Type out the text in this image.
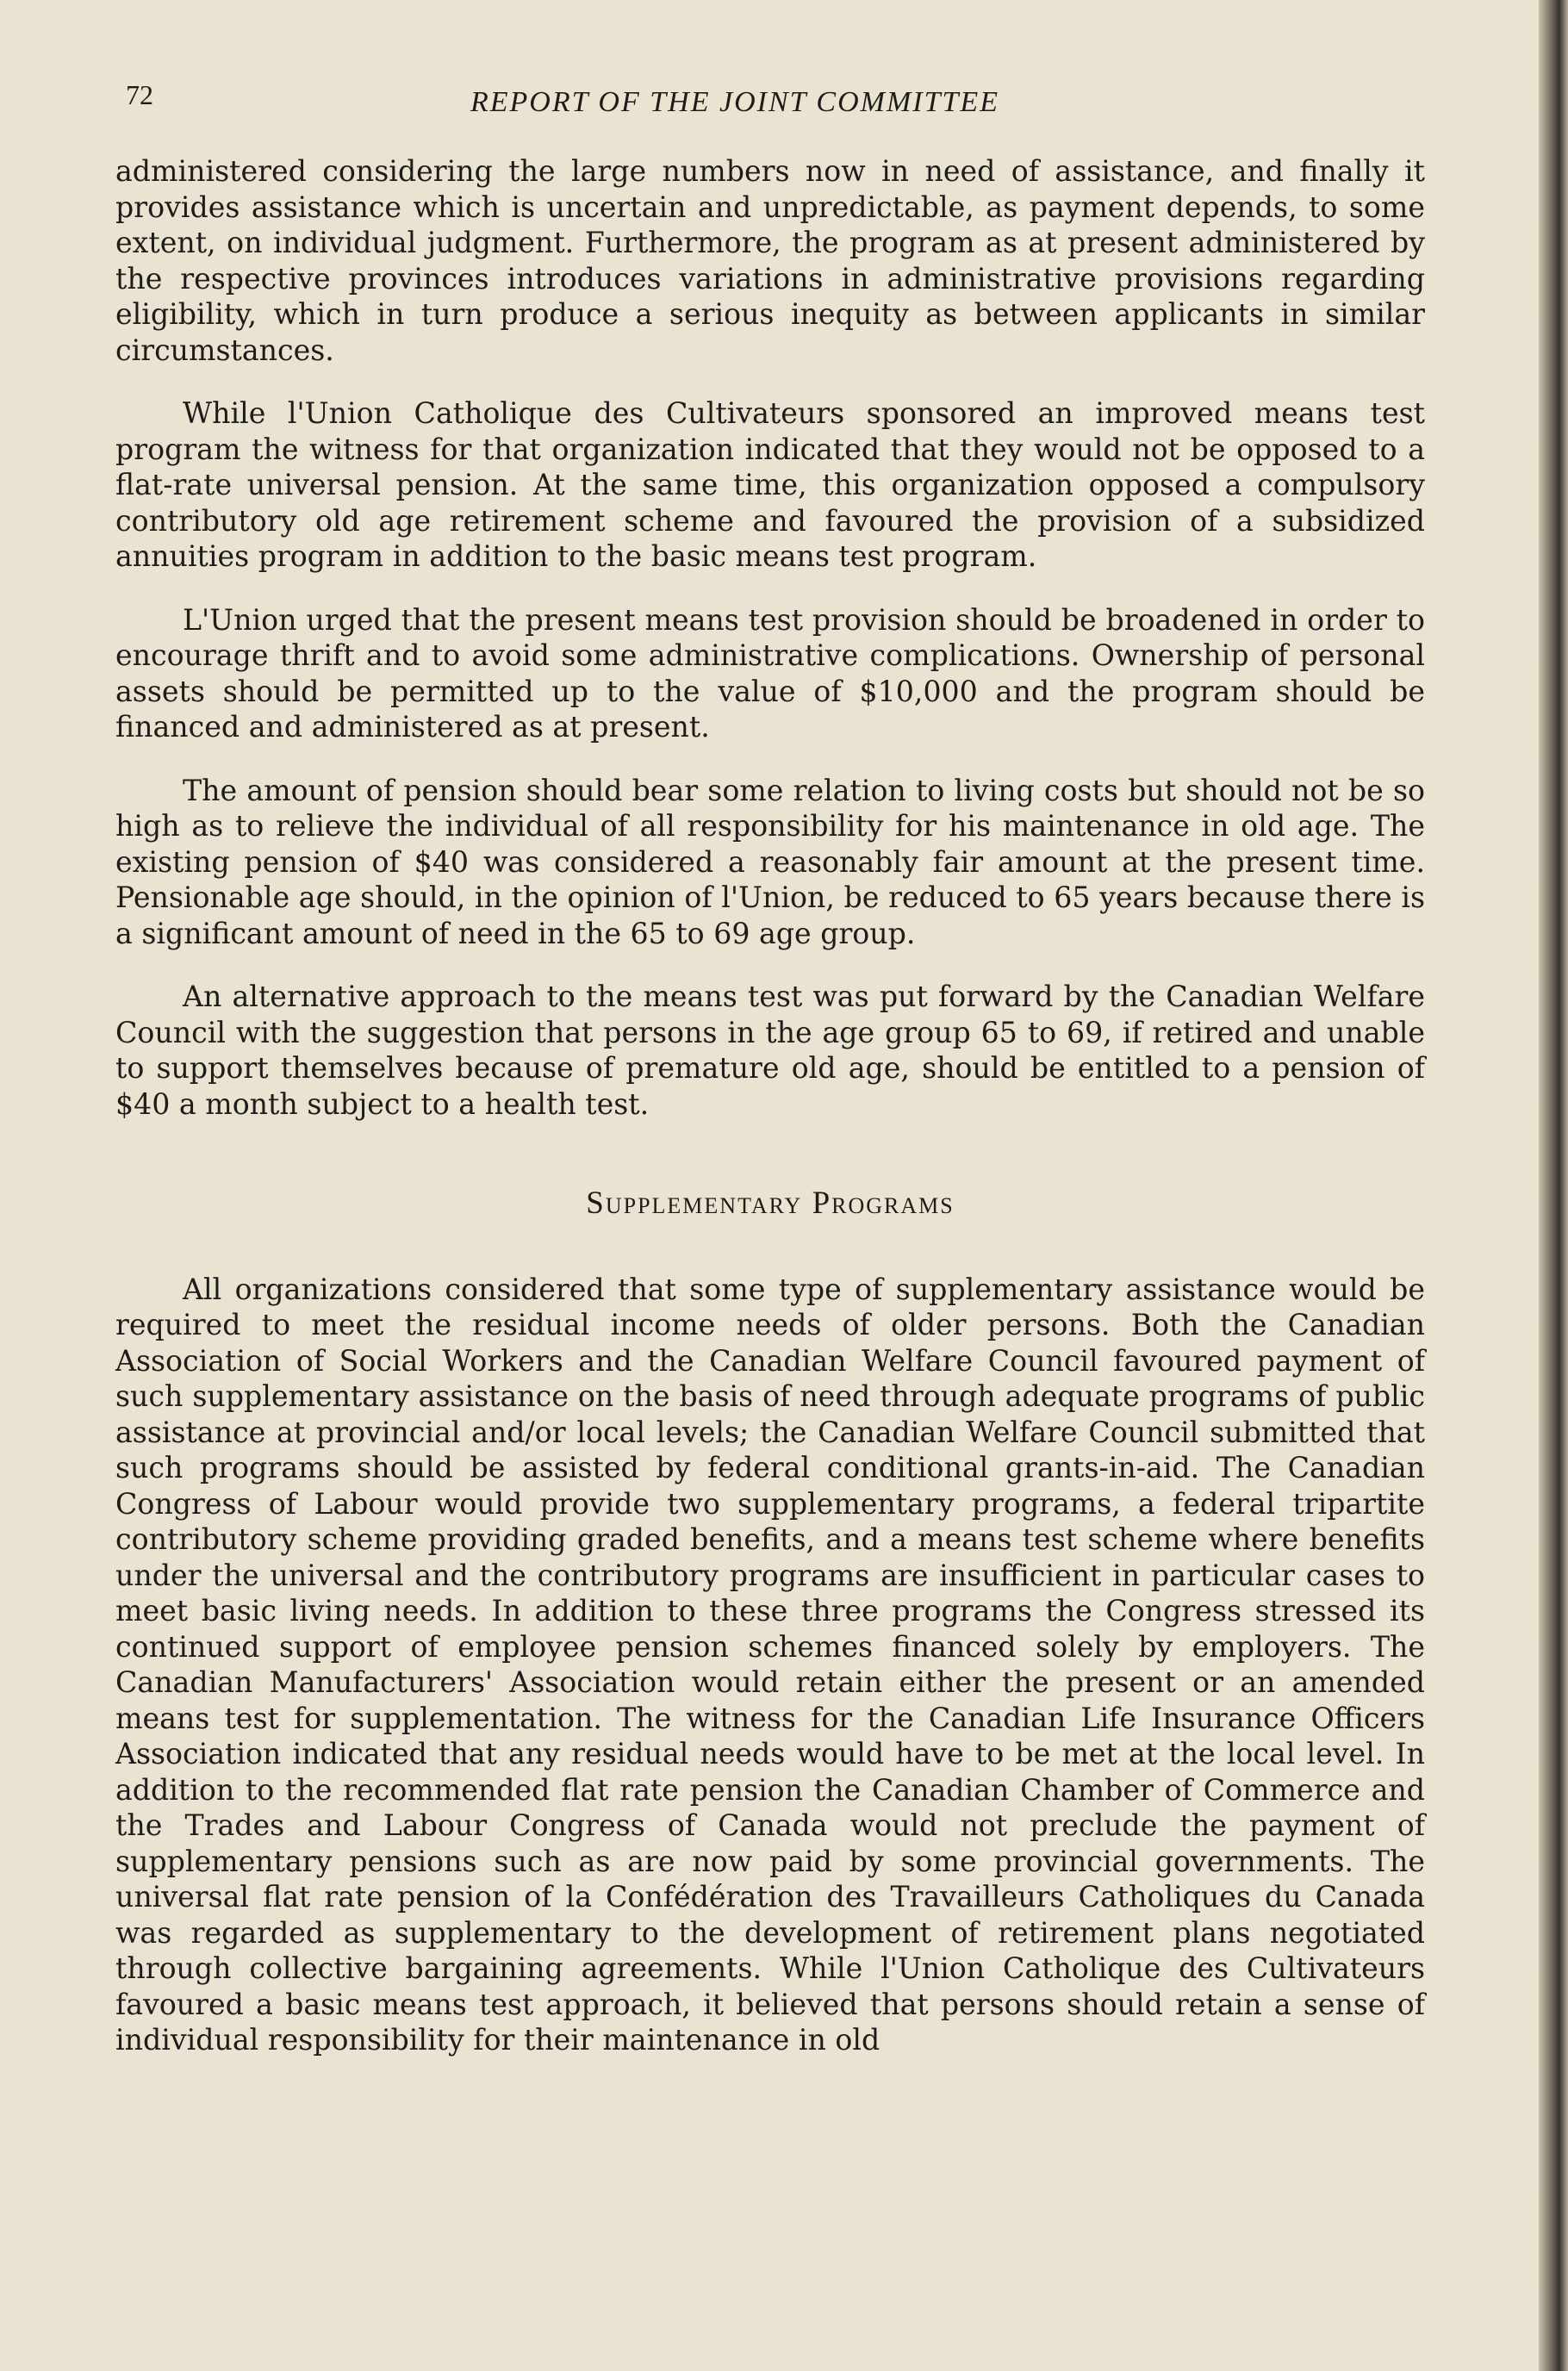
72	REPORT OF THE JOINT COMMITTEE

administered considering the large numbers now in need of assistance, and finally it provides assistance which is uncertain and unpredictable, as payment depends, to some extent, on individual judgment. Furthermore, the program as at present administered by the respective provinces introduces variations in administrative provisions regarding eligibility, which in turn produce a serious inequity as between applicants in similar circumstances.

While l'Union Catholique des Cultivateurs sponsored an improved means test program the witness for that organization indicated that they would not be opposed to a flat-rate universal pension. At the same time, this organization opposed a compulsory contributory old age retirement scheme and favoured the provision of a subsidized annuities program in addition to the basic means test program.

L'Union urged that the present means test provision should be broadened in order to encourage thrift and to avoid some administrative complications. Ownership of personal assets should be permitted up to the value of $10,000 and the program should be financed and administered as at present.

The amount of pension should bear some relation to living costs but should not be so high as to relieve the individual of all responsibility for his maintenance in old age. The existing pension of $40 was considered a reasonably fair amount at the present time. Pensionable age should, in the opinion of l'Union, be reduced to 65 years because there is a significant amount of need in the 65 to 69 age group.

An alternative approach to the means test was put forward by the Canadian Welfare Council with the suggestion that persons in the age group 65 to 69, if retired and unable to support themselves because of premature old age, should be entitled to a pension of $40 a month subject to a health test.

Supplementary Programs

All organizations considered that some type of supplementary assistance would be required to meet the residual income needs of older persons. Both the Canadian Association of Social Workers and the Canadian Welfare Council favoured payment of such supplementary assistance on the basis of need through adequate programs of public assistance at provincial and/or local levels; the Canadian Welfare Council submitted that such programs should be assisted by federal conditional grants-in-aid. The Canadian Congress of Labour would provide two supplementary programs, a federal tripartite contributory scheme providing graded benefits, and a means test scheme where benefits under the universal and the contributory programs are insufficient in particular cases to meet basic living needs. In addition to these three programs the Congress stressed its continued support of employee pension schemes financed solely by employers. The Canadian Manufacturers' Association would retain either the present or an amended means test for supplementation. The witness for the Canadian Life Insurance Officers Association indicated that any residual needs would have to be met at the local level. In addition to the recommended flat rate pension the Canadian Chamber of Commerce and the Trades and Labour Congress of Canada would not preclude the payment of supplementary pensions such as are now paid by some provincial governments. The universal flat rate pension of la Confédération des Travailleurs Catholiques du Canada was regarded as supplementary to the development of retirement plans negotiated through collective bargaining agreements. While l'Union Catholique des Cultivateurs favoured a basic means test approach, it believed that persons should retain a sense of individual responsibility for their maintenance in old
